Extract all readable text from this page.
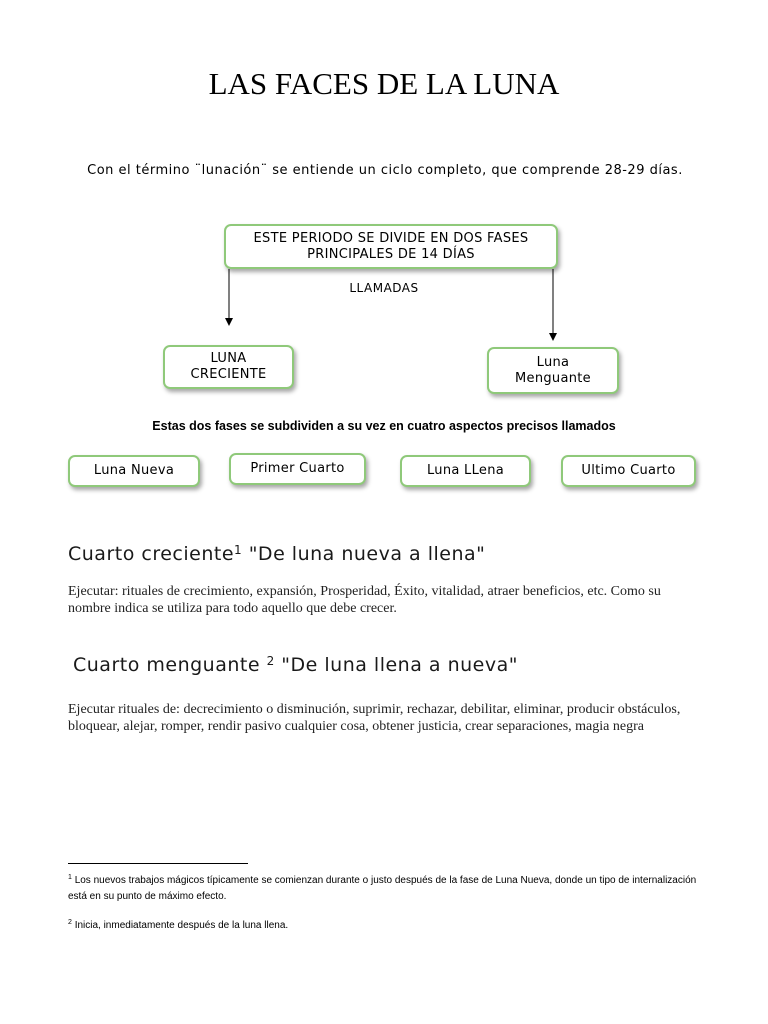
LAS FACES DE LA LUNA
Con el término ¨lunación¨ se entiende un ciclo completo, que comprende 28-29 días.
ESTE PERIODO SE DIVIDE EN DOS FASES PRINCIPALES DE 14 DÍAS
LLAMADAS
LUNA CRECIENTE
Luna Menguante
Estas dos fases se subdividen a su vez en cuatro aspectos precisos llamados
Luna Nueva	Primer Cuarto	Luna LLena	Ultimo Cuarto
Cuarto creciente$^1$ "De luna nueva a llena"
Ejecutar: rituales de crecimiento, expansión, Prosperidad, Éxito, vitalidad, atraer beneficios, etc. Como su nombre indica se utiliza para todo aquello que debe crecer.
Cuarto menguante $^2$ "De luna llena a nueva"
Ejecutar rituales de: decrecimiento o disminución, suprimir, rechazar, debilitar, eliminar, producir obstáculos, bloquear, alejar, romper, rendir pasivo cualquier cosa, obtener justicia, crear separaciones, magia negra
$^1$ Los nuevos trabajos mágicos típicamente se comienzan durante o justo después de la fase de Luna Nueva, donde un tipo de internalización está en su punto de máximo efecto.
$^2$ Inicia, inmediatamente después de la luna llena.
